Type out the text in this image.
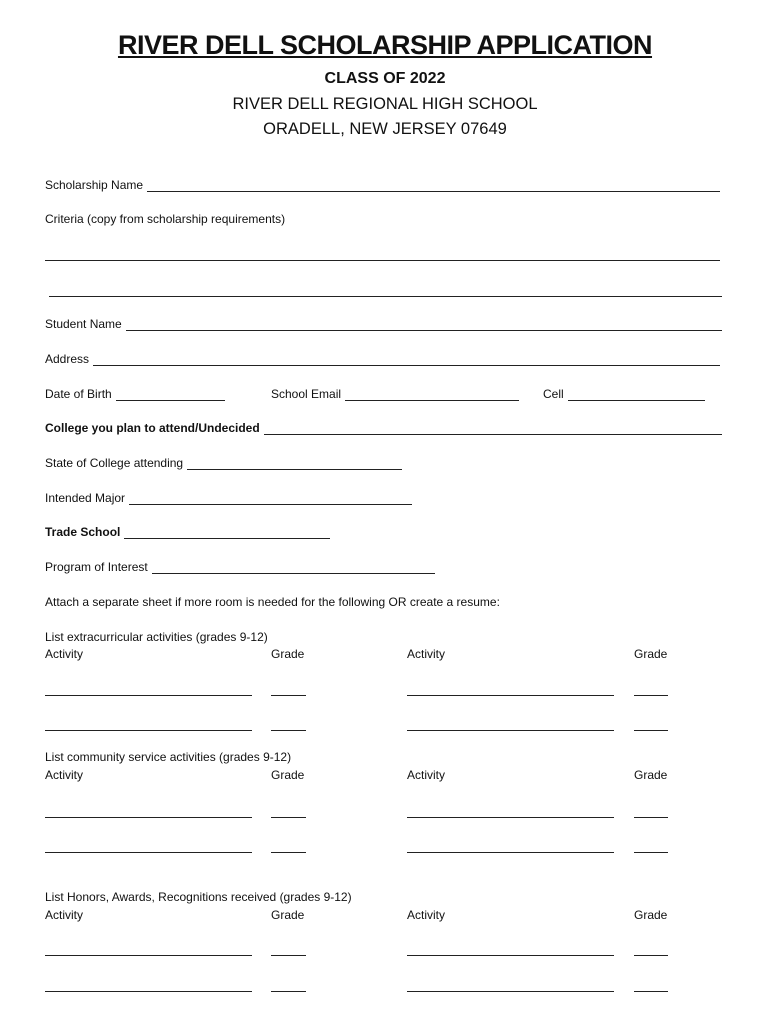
RIVER DELL SCHOLARSHIP APPLICATION
CLASS OF 2022
RIVER DELL REGIONAL HIGH SCHOOL
ORADELL, NEW JERSEY 07649
Scholarship Name
Criteria (copy from scholarship requirements)
Student Name
Address
Date of Birth	School Email	Cell
College you plan to attend/Undecided
State of College attending
Intended Major
Trade School
Program of Interest
Attach a separate sheet if more room is needed for the following OR create a resume:
List extracurricular activities (grades 9-12)
Activity	Grade	Activity	Grade
List community service activities (grades 9-12)
Activity	Grade	Activity	Grade
List Honors, Awards, Recognitions received (grades 9-12)
Activity	Grade	Activity	Grade
